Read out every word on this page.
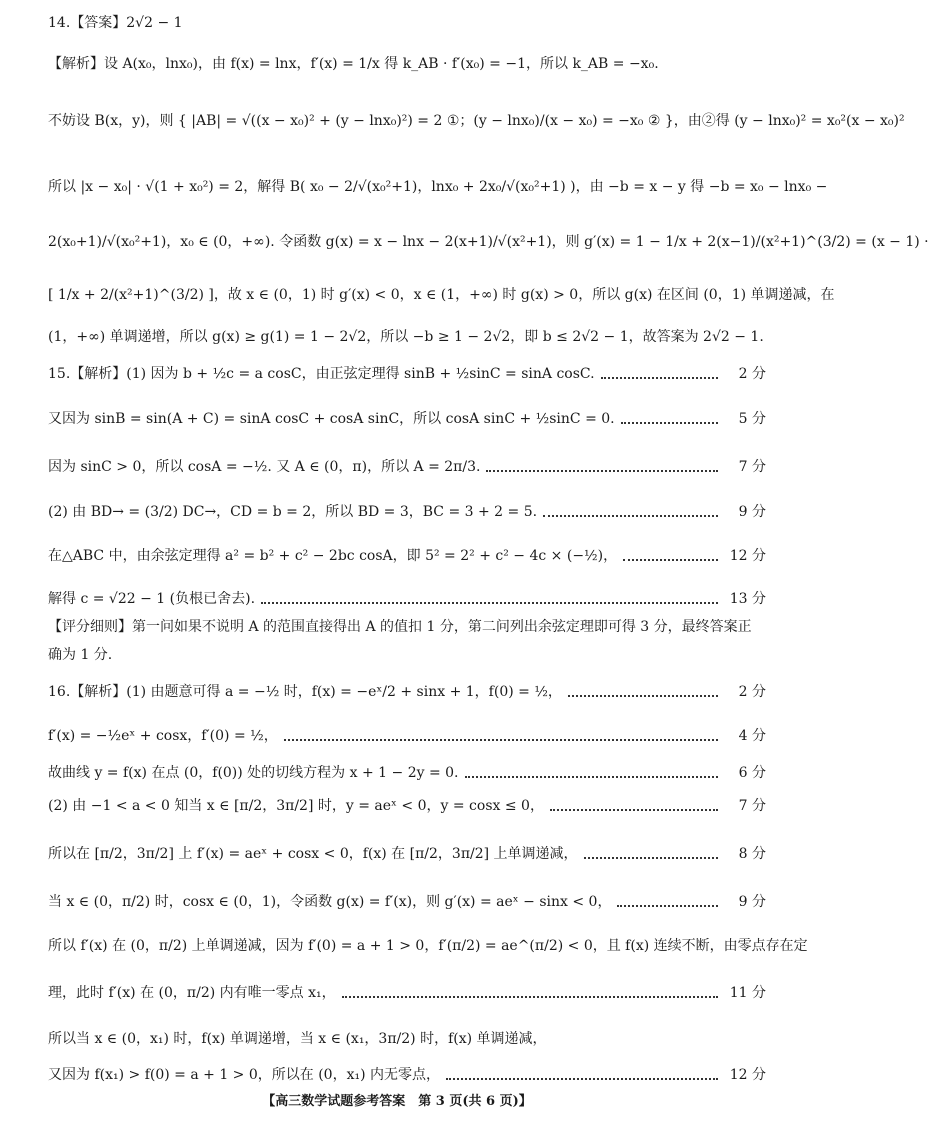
14.【答案】2√2 − 1
【解析】设 A(x₀，lnx₀)，由 f(x) = lnx，f′(x) = 1/x 得 k_AB · f′(x₀) = −1，所以 k_AB = −x₀.
不妨设 B(x，y)，则 { |AB| = √((x − x₀)² + (y − lnx₀)²) = 2 ①；(y − lnx₀)/(x − x₀) = −x₀ ② }，由②得 (y − lnx₀)² = x₀²(x − x₀)²
所以 |x − x₀| · √(1 + x₀²) = 2，解得 B( x₀ − 2/√(x₀²+1)，lnx₀ + 2x₀/√(x₀²+1) )，由 −b = x − y 得 −b = x₀ − lnx₀ −
2(x₀+1)/√(x₀²+1)，x₀ ∈ (0，+∞). 令函数 g(x) = x − lnx − 2(x+1)/√(x²+1)，则 g′(x) = 1 − 1/x + 2(x−1)/(x²+1)^(3/2) = (x − 1) ·
[ 1/x + 2/(x²+1)^(3/2) ]，故 x ∈ (0，1) 时 g′(x) < 0，x ∈ (1，+∞) 时 g(x) > 0，所以 g(x) 在区间 (0，1) 单调递减，在
(1，+∞) 单调递增，所以 g(x) ≥ g(1) = 1 − 2√2，所以 −b ≥ 1 − 2√2，即 b ≤ 2√2 − 1，故答案为 2√2 − 1.
15.【解析】(1) 因为 b + ½c = a cosC，由正弦定理得 sinB + ½sinC = sinA cosC.	2 分
又因为 sinB = sin(A + C) = sinA cosC + cosA sinC，所以 cosA sinC + ½sinC = 0.	5 分
因为 sinC > 0，所以 cosA = −½. 又 A ∈ (0，π)，所以 A = 2π/3.	7 分
(2) 由 BD→ = (3/2) DC→，CD = b = 2，所以 BD = 3，BC = 3 + 2 = 5.	9 分
在△ABC 中，由余弦定理得 a² = b² + c² − 2bc cosA，即 5² = 2² + c² − 4c × (−½)，	12 分
解得 c = √22 − 1 (负根已舍去).	13 分
【评分细则】第一问如果不说明 A 的范围直接得出 A 的值扣 1 分，第二问列出余弦定理即可得 3 分，最终答案正
确为 1 分.
16.【解析】(1) 由题意可得 a = −½ 时，f(x) = −eˣ/2 + sinx + 1，f(0) = ½，	2 分
f′(x) = −½eˣ + cosx，f′(0) = ½，	4 分
故曲线 y = f(x) 在点 (0，f(0)) 处的切线方程为 x + 1 − 2y = 0.	6 分
(2) 由 −1 < a < 0 知当 x ∈ [π/2，3π/2] 时，y = aeˣ < 0，y = cosx ≤ 0，	7 分
所以在 [π/2，3π/2] 上 f′(x) = aeˣ + cosx < 0，f(x) 在 [π/2，3π/2] 上单调递减，	8 分
当 x ∈ (0，π/2) 时，cosx ∈ (0，1)，令函数 g(x) = f′(x)，则 g′(x) = aeˣ − sinx < 0，	9 分
所以 f′(x) 在 (0，π/2) 上单调递减，因为 f′(0) = a + 1 > 0，f′(π/2) = ae^(π/2) < 0，且 f(x) 连续不断，由零点存在定
理，此时 f′(x) 在 (0，π/2) 内有唯一零点 x₁，	11 分
所以当 x ∈ (0，x₁) 时，f(x) 单调递增，当 x ∈ (x₁，3π/2) 时，f(x) 单调递减，
又因为 f(x₁) > f(0) = a + 1 > 0，所以在 (0，x₁) 内无零点，	12 分
【高三数学试题参考答案　第 3 页(共 6 页)】
